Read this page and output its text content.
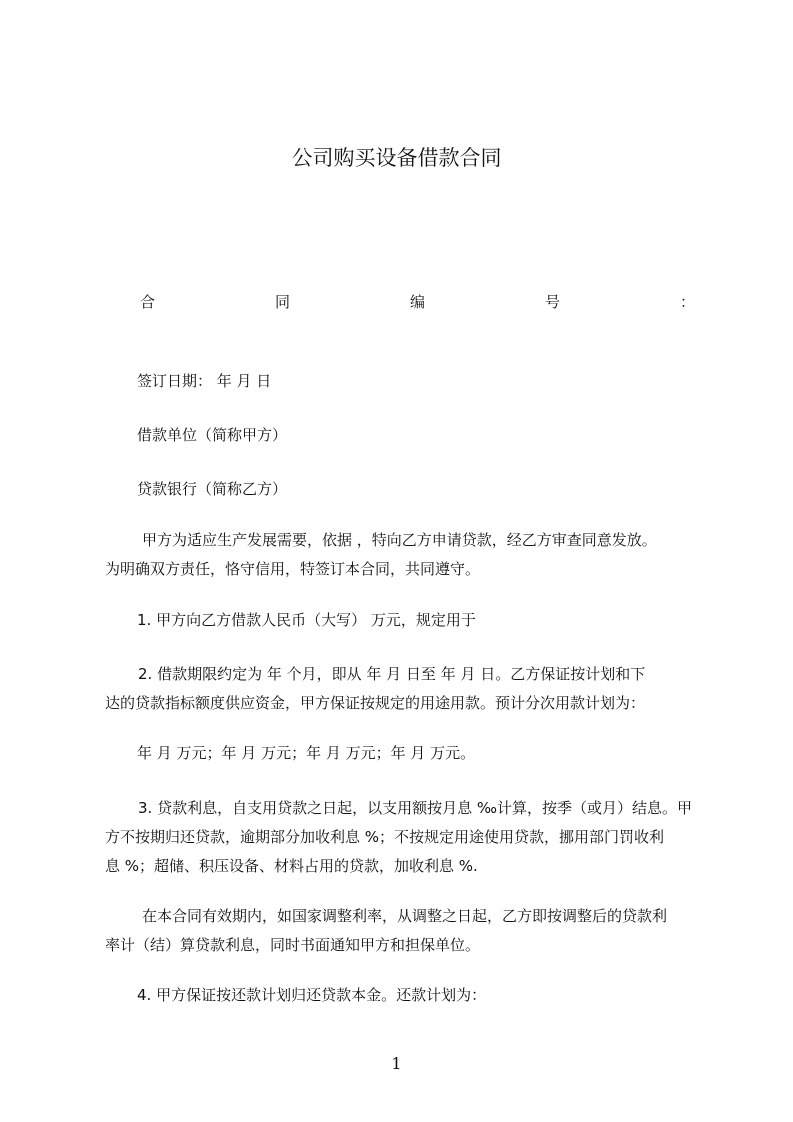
公司购买设备借款合同
合	同	编	号	：
签订日期： 年 月 日
借款单位（简称甲方）
贷款银行（简称乙方）
甲方为适应生产发展需要，依据 ，特向乙方申请贷款，经乙方审查同意发放。
为明确双方责任，恪守信用，特签订本合同，共同遵守。
1. 甲方向乙方借款人民币（大写） 万元，规定用于
2. 借款期限约定为 年 个月，即从 年 月 日至 年 月 日。乙方保证按计划和下
达的贷款指标额度供应资金，甲方保证按规定的用途用款。预计分次用款计划为：
年 月 万元；年 月 万元；年 月 万元；年 月 万元。
3. 贷款利息，自支用贷款之日起，以支用额按月息 ‰计算，按季（或月）结息。甲
方不按期归还贷款，逾期部分加收利息 %；不按规定用途使用贷款，挪用部门罚收利
息 %；超储、积压设备、材料占用的贷款，加收利息 %.
在本合同有效期内，如国家调整利率，从调整之日起，乙方即按调整后的贷款利
率计（结）算贷款利息，同时书面通知甲方和担保单位。
4. 甲方保证按还款计划归还贷款本金。还款计划为：
1
